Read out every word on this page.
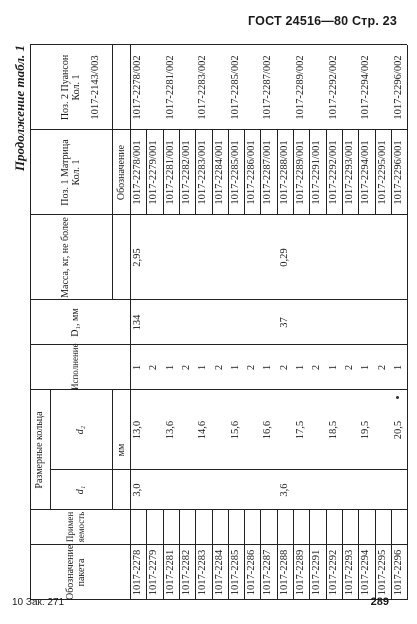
ГОСТ 24516—80 Стр. 23
Продолжение табл. 1
Обозначение пакета
Применяемость
Размерные кольца
d₁
d₂
мм
Исполнение
D₁, мм
Масса, кг, не более
Поз. 1 Матрица Кол. 1
Поз. 2 Пуансон Кол. 1
Обозначение
1017-2278
3,0
13,0
1
134
2,95
1017-2278/001
1017-2278/002
1017-2279
2
1017-2279/001
1017-2281
13,6
1
1017-2281/001
1017-2281/002
1017-2282
2
1017-2282/001
1017-2283
14,6
1
1017-2283/001
1017-2283/002
1017-2284
2
1017-2284/001
1017-2285
15,6
1
1017-2285/001
1017-2285/002
1017-2286
2
1017-2286/001
1017-2287
16,6
1
1017-2287/001
1017-2287/002
1017-2288
3,6
2
37
0,29
1017-2288/001
1017-2289
17,5
1
1017-2289/001
1017-2289/002
1017-2291
2
1017-2291/001
1017-2292
18,5
1
1017-2292/001
1017-2292/002
1017-2293
2
1017-2293/001
1017-2294
19,5
1
1017-2294/001
1017-2294/002
1017-2295
2
1017-2295/001
1017-2296
20,5
1
1017-2296/001
1017-2296/002
1017-2143/003
10 Зак. 271	289
